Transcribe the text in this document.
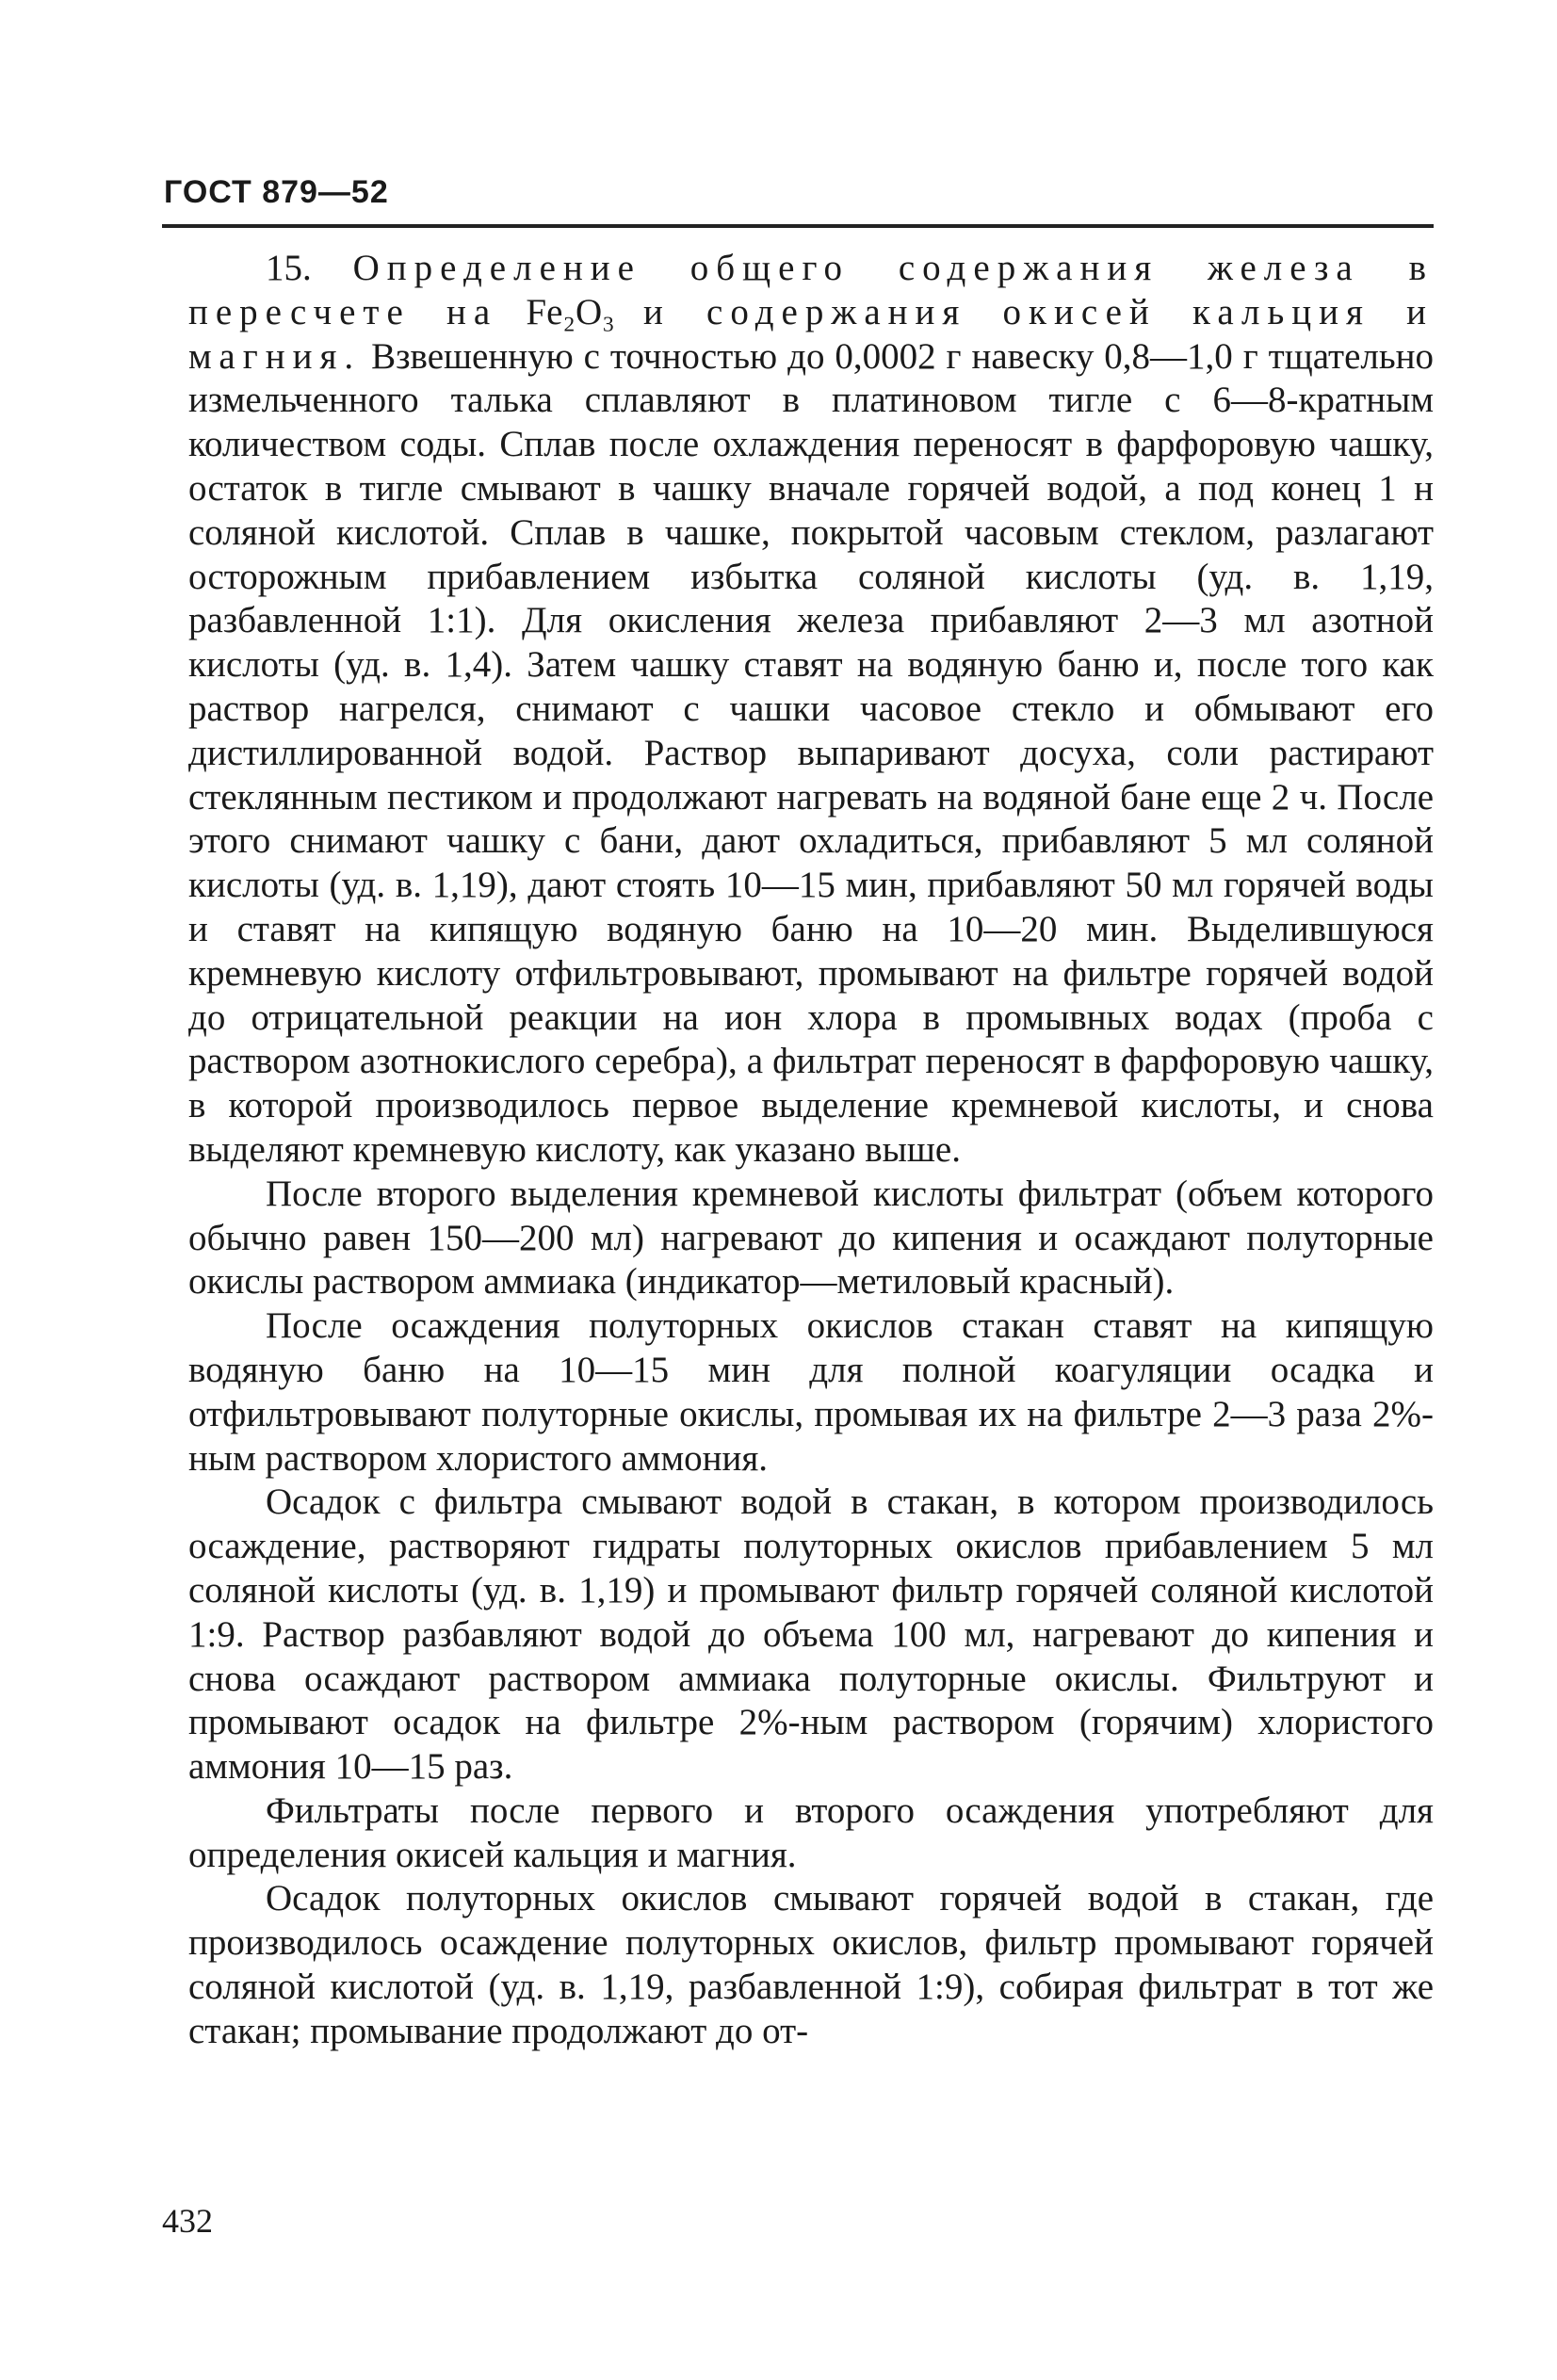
ГОСТ 879—52

15. Определение общего содержания железа в пересчете на Fe₂O₃ и содержания окисей кальция и магния. Взвешенную с точностью до 0,0002 г навеску 0,8—1,0 г тщательно измельченного талька сплавляют в платиновом тигле с 6—8-кратным количеством соды. Сплав после охлаждения переносят в фарфоровую чашку, остаток в тигле смывают в чашку вначале горячей водой, а под конец 1 н соляной кислотой. Сплав в чашке, покрытой часовым стеклом, разлагают осторожным прибавлением избытка соляной кислоты (уд. в. 1,19, разбавленной 1:1). Для окисления железа прибавляют 2—3 мл азотной кислоты (уд. в. 1,4). Затем чашку ставят на водяную баню и, после того как раствор нагрелся, снимают с чашки часовое стекло и обмывают его дистиллированной водой. Раствор выпаривают досуха, соли растирают стеклянным пестиком и продолжают нагревать на водяной бане еще 2 ч. После этого снимают чашку с бани, дают охладиться, прибавляют 5 мл соляной кислоты (уд. в. 1,19), дают стоять 10—15 мин, прибавляют 50 мл горячей воды и ставят на кипящую водяную баню на 10—20 мин. Выделившуюся кремневую кислоту отфильтровывают, промывают на фильтре горячей водой до отрицательной реакции на ион хлора в промывных водах (проба с раствором азотнокислого серебра), а фильтрат переносят в фарфоровую чашку, в которой производилось первое выделение кремневой кислоты, и снова выделяют кремневую кислоту, как указано выше.

После второго выделения кремневой кислоты фильтрат (объем которого обычно равен 150—200 мл) нагревают до кипения и осаждают полуторные окислы раствором аммиака (индикатор—метиловый красный).

После осаждения полуторных окислов стакан ставят на кипящую водяную баню на 10—15 мин для полной коагуляции осадка и отфильтровывают полуторные окислы, промывая их на фильтре 2—3 раза 2%-ным раствором хлористого аммония.

Осадок с фильтра смывают водой в стакан, в котором производилось осаждение, растворяют гидраты полуторных окислов прибавлением 5 мл соляной кислоты (уд. в. 1,19) и промывают фильтр горячей соляной кислотой 1:9. Раствор разбавляют водой до объема 100 мл, нагревают до кипения и снова осаждают раствором аммиака полуторные окислы. Фильтруют и промывают осадок на фильтре 2%-ным раствором (горячим) хлористого аммония 10—15 раз.

Фильтраты после первого и второго осаждения употребляют для определения окисей кальция и магния.

Осадок полуторных окислов смывают горячей водой в стакан, где производилось осаждение полуторных окислов, фильтр промывают горячей соляной кислотой (уд. в. 1,19, разбавленной 1:9), собирая фильтрат в тот же стакан; промывание продолжают до от-

432
